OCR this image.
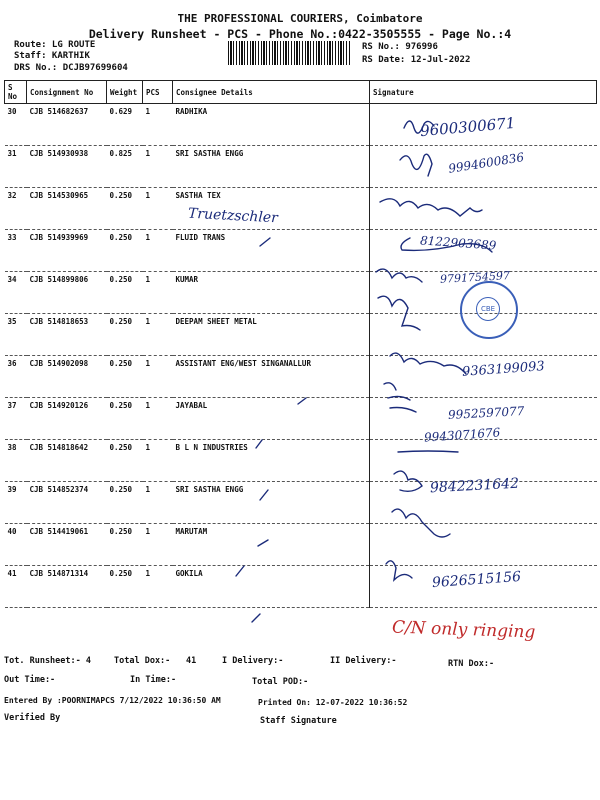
THE PROFESSIONAL COURIERS, Coimbatore
Delivery Runsheet - PCS - Phone No.:0422-3505555 - Page No.:4
Route: LG ROUTE
Staff: KARTHIK
DRS No.: DCJB97699604
RS No.: 976996
RS Date: 12-Jul-2022
S No	Consignment No	Weight	PCS	Consignee Details	Signature
30	CJB 514682637	0.629	1	RADHIKA	
31	CJB 514930938	0.825	1	SRI SASTHA ENGG	
32	CJB 514530965	0.250	1	SASTHA TEX	
33	CJB 514939969	0.250	1	FLUID TRANS	
34	CJB 514899806	0.250	1	KUMAR	
35	CJB 514818653	0.250	1	DEEPAM SHEET METAL	
36	CJB 514902098	0.250	1	ASSISTANT ENG/WEST SINGANALLUR	
37	CJB 514920126	0.250	1	JAYABAL	
38	CJB 514818642	0.250	1	B L N INDUSTRIES	
39	CJB 514852374	0.250	1	SRI SASTHA ENGG	
40	CJB 514419061	0.250	1	MARUTAM	
41	CJB 514871314	0.250	1	GOKILA	
9600300671
9994600836
Truetzschler
8122903689
9791754597
9363199093
9952597077
9943071676
9842231642
9626515156
C/N only ringing
CBE
Tot. Runsheet:- 4	Total Dox:- 41	I Delivery:-	II Delivery:-	RTN Dox:-
Out Time:-	In Time:-	Total POD:-
Entered By :POORNIMAPCS 7/12/2022 10:36:50 AM	Printed On: 12-07-2022 10:36:52
Verified By	Staff Signature
